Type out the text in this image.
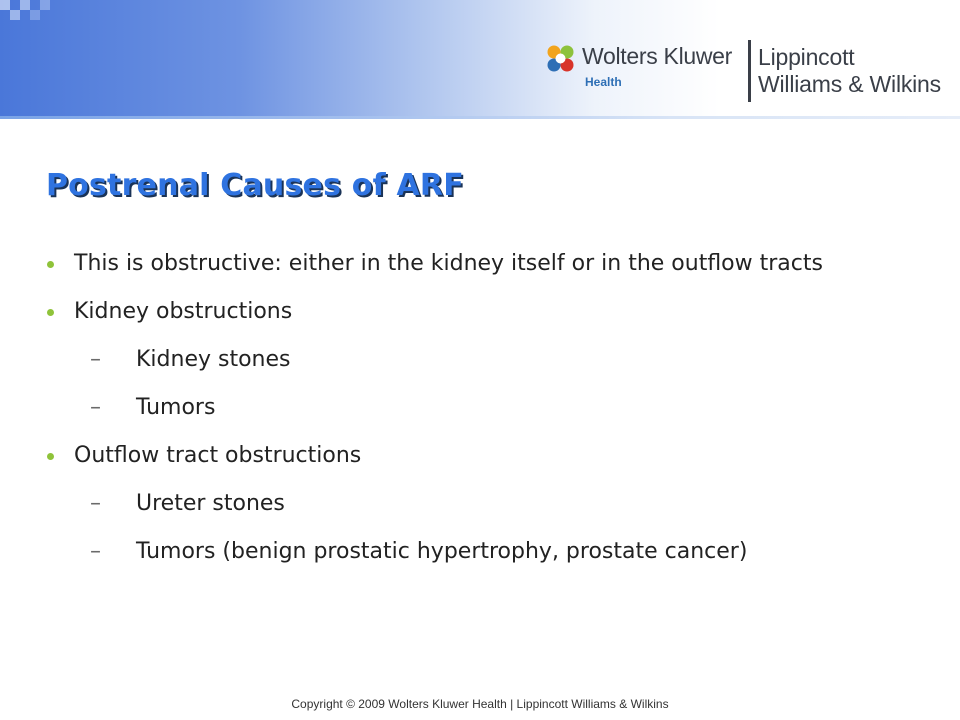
Wolters Kluwer
Health
Lippincott
Williams & Wilkins
Postrenal Causes of ARF
This is obstructive: either in the kidney itself or in the outflow tracts
Kidney obstructions
– Kidney stones
– Tumors
Outflow tract obstructions
– Ureter stones
– Tumors (benign prostatic hypertrophy, prostate cancer)
Copyright © 2009 Wolters Kluwer Health | Lippincott Williams & Wilkins
